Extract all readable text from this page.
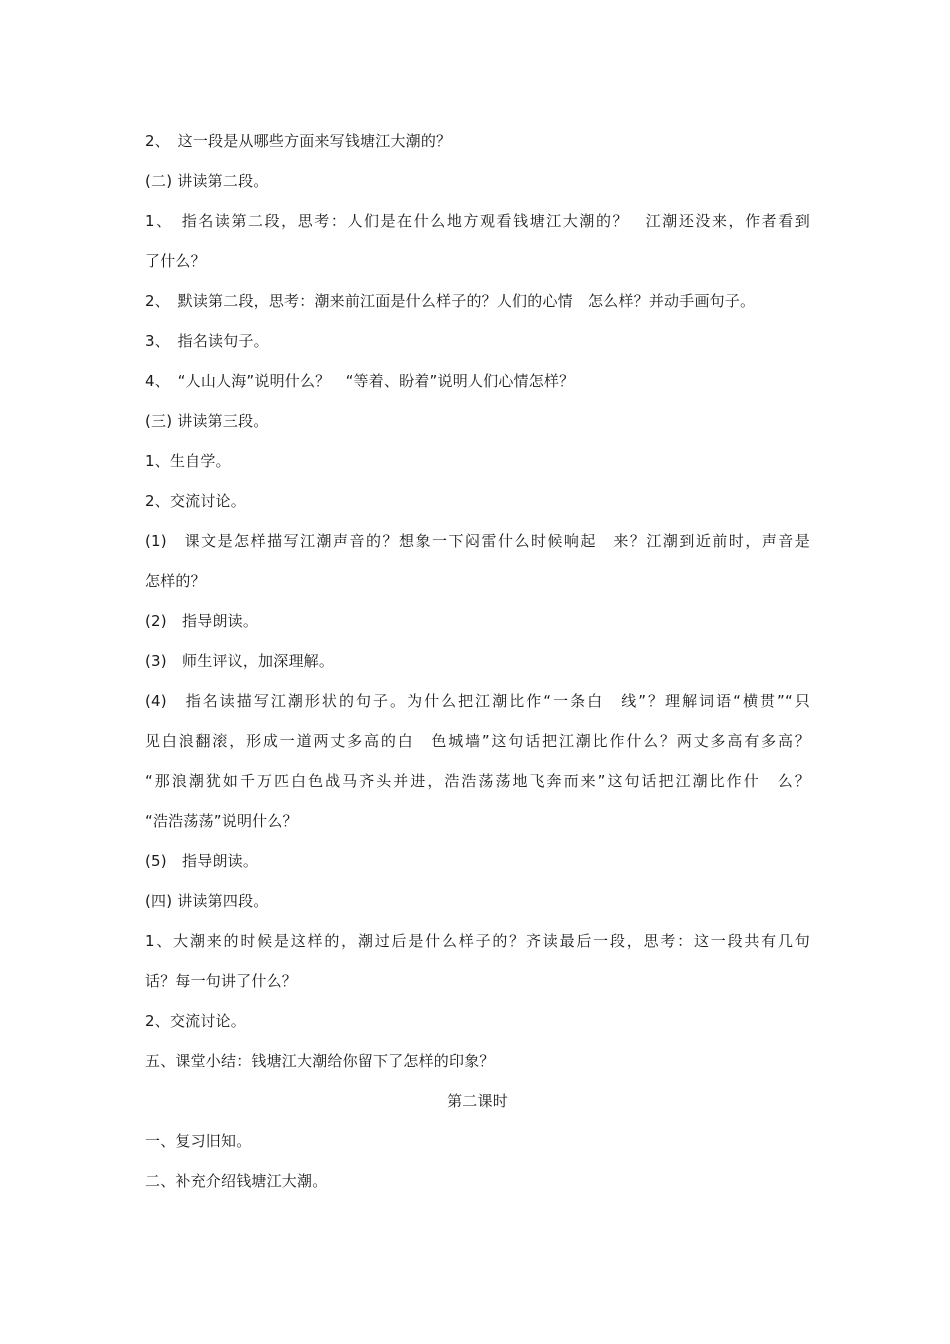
2、　这一段是从哪些方面来写钱塘江大潮的？
(二) 讲读第二段。
1、　指名读第二段，思考：人们是在什么地方观看钱塘江大潮的？　江潮还没来，作者看到
了什么？
2、　默读第二段，思考：潮来前江面是什么样子的？人们的心情　怎么样？并动手画句子。
3、　指名读句子。
4、　“人山人海”说明什么？　“等着、盼着”说明人们心情怎样？
(三) 讲读第三段。
1、生自学。
2、交流讨论。
(1)　课文是怎样描写江潮声音的？想象一下闷雷什么时候响起　来？江潮到近前时，声音是
怎样的？
(2)　指导朗读。
(3)　师生评议，加深理解。
(4)　指名读描写江潮形状的句子。为什么把江潮比作“一条白　线”？理解词语“横贯”“只
见白浪翻滚，形成一道两丈多高的白　色城墙”这句话把江潮比作什么？两丈多高有多高？
“那浪潮犹如千万匹白色战马齐头并进，浩浩荡荡地飞奔而来”这句话把江潮比作什　么？
“浩浩荡荡”说明什么？
(5)　指导朗读。
(四) 讲读第四段。
1、大潮来的时候是这样的，潮过后是什么样子的？齐读最后一段，思考：这一段共有几句
话？每一句讲了什么？
2、交流讨论。
五、课堂小结：钱塘江大潮给你留下了怎样的印象？
第二课时
一、复习旧知。
二、补充介绍钱塘江大潮。
